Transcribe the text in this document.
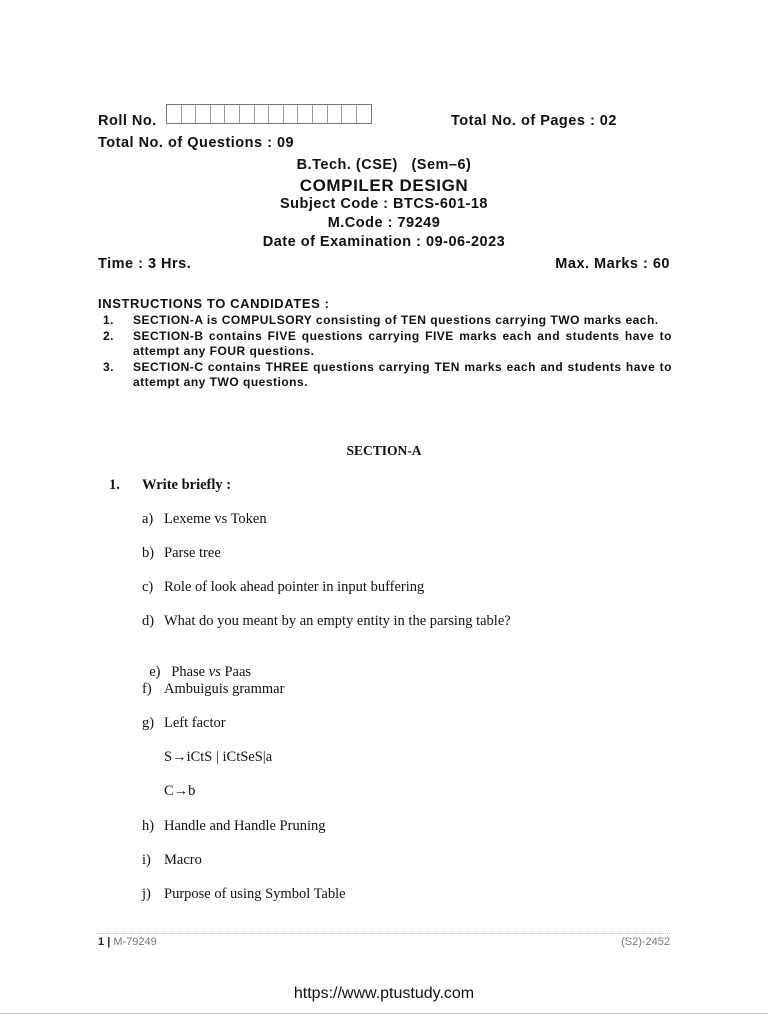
Roll No.	Total No. of Pages : 02
Total No. of Questions : 09
B.Tech. (CSE)   (Sem–6)
COMPILER DESIGN
Subject Code : BTCS-601-18
M.Code : 79249
Date of Examination : 09-06-2023
Time : 3 Hrs.	Max. Marks : 60
INSTRUCTIONS TO CANDIDATES :
1.	SECTION-A is COMPULSORY consisting of TEN questions carrying TWO marks each.
2.	SECTION-B contains FIVE questions carrying FIVE marks each and students have to attempt any FOUR questions.
3.	SECTION-C contains THREE questions carrying TEN marks each and students have to attempt any TWO questions.
SECTION-A
1. Write briefly :
a) Lexeme vs Token
b) Parse tree
c) Role of look ahead pointer in input buffering
d) What do you meant by an empty entity in the parsing table?

e) Phase vs Paas

f) Ambuiguis grammar
g) Left factor
S→iCtS | iCtSeS|a
C→b
h) Handle and Handle Pruning
i) Macro
j) Purpose of using Symbol Table
1 | M-79249	(S2)-2452
https://www.ptustudy.com
